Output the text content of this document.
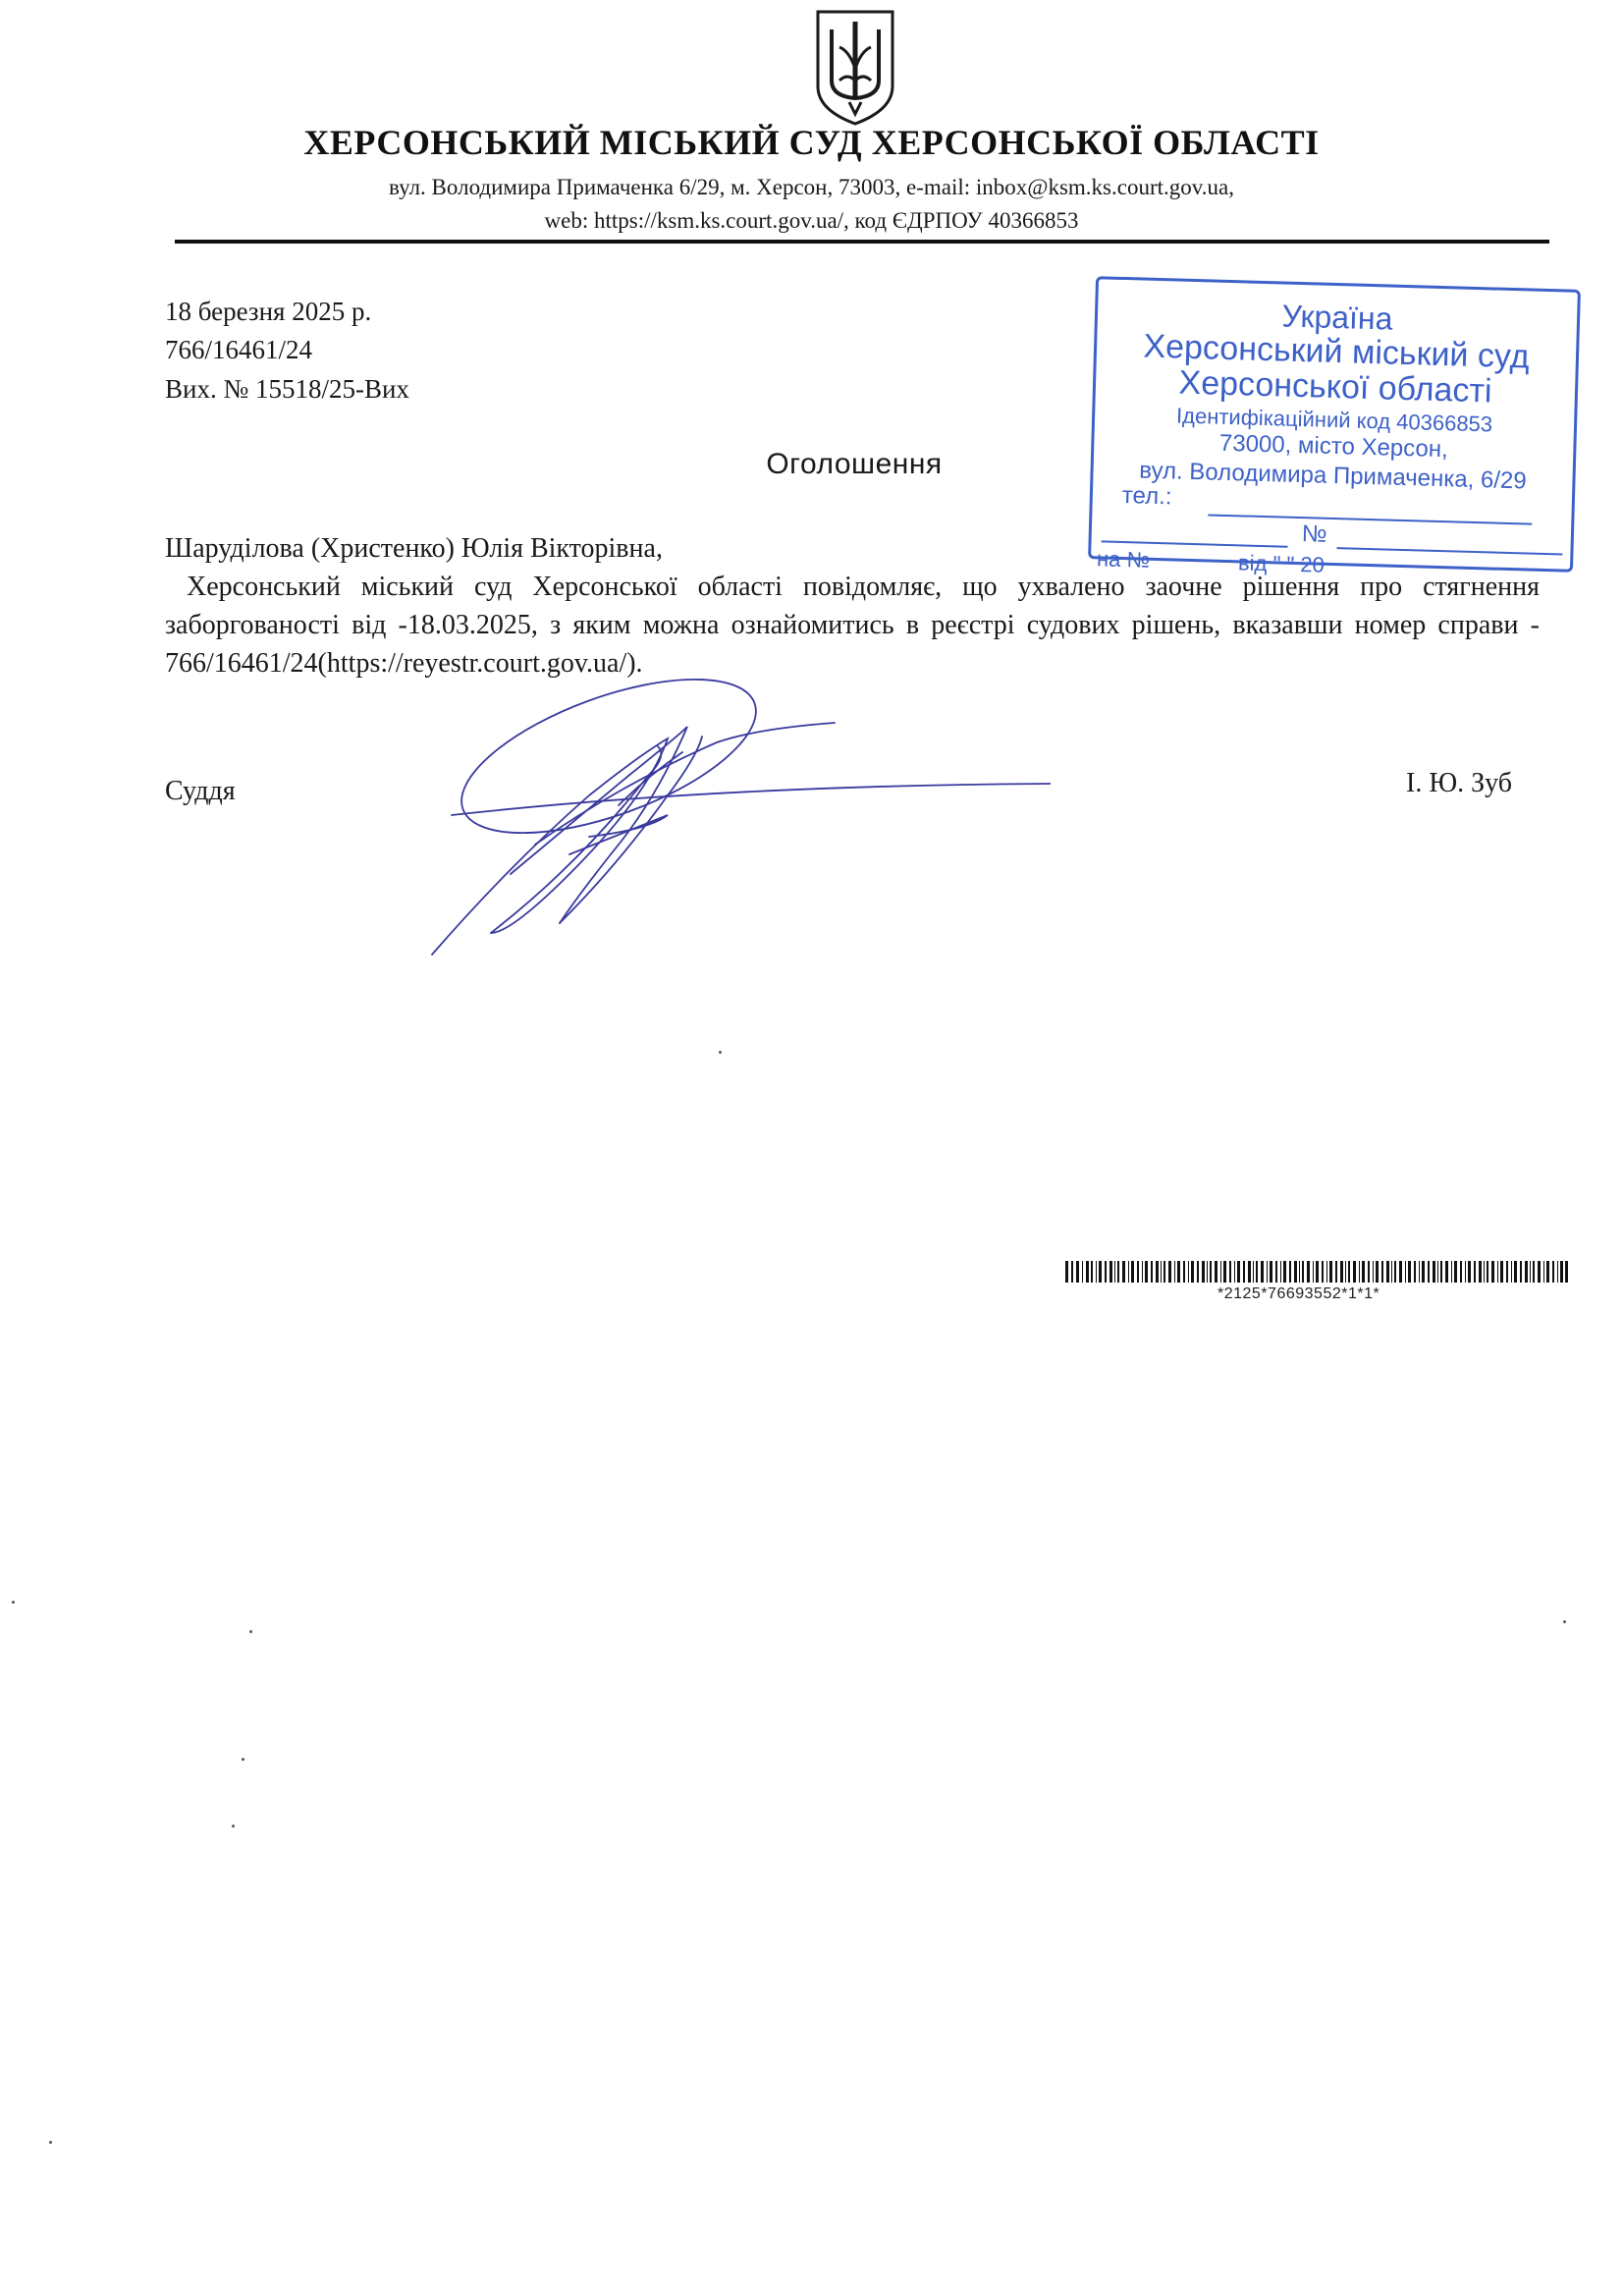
ХЕРСОНСЬКИЙ МІСЬКИЙ СУД ХЕРСОНСЬКОЇ ОБЛАСТІ
вул. Володимира Примаченка 6/29, м. Херсон, 73003, e-mail: inbox@ksm.ks.court.gov.ua,
web: https://ksm.ks.court.gov.ua/, код ЄДРПОУ 40366853
18 березня 2025 р.
766/16461/24
Вих. № 15518/25-Вих
Україна
Херсонський міський суд
Херсонської області
Ідентифікаційний код 40366853
73000, місто Херсон,
вул. Володимира Примаченка, 6/29
тел.:
№
на №	від " " 20
Оголошення
Шаруділова (Христенко) Юлія Вікторівна,
Херсонський міський суд Херсонської області повідомляє, що ухвалено заочне рішення про стягнення заборгованості від -18.03.2025, з яким можна ознайомитись в реєстрі судових рішень, вказавши номер справи - 766/16461/24(https://reyestr.court.gov.ua/).
Суддя	І. Ю. Зуб
*2125*76693552*1*1*
